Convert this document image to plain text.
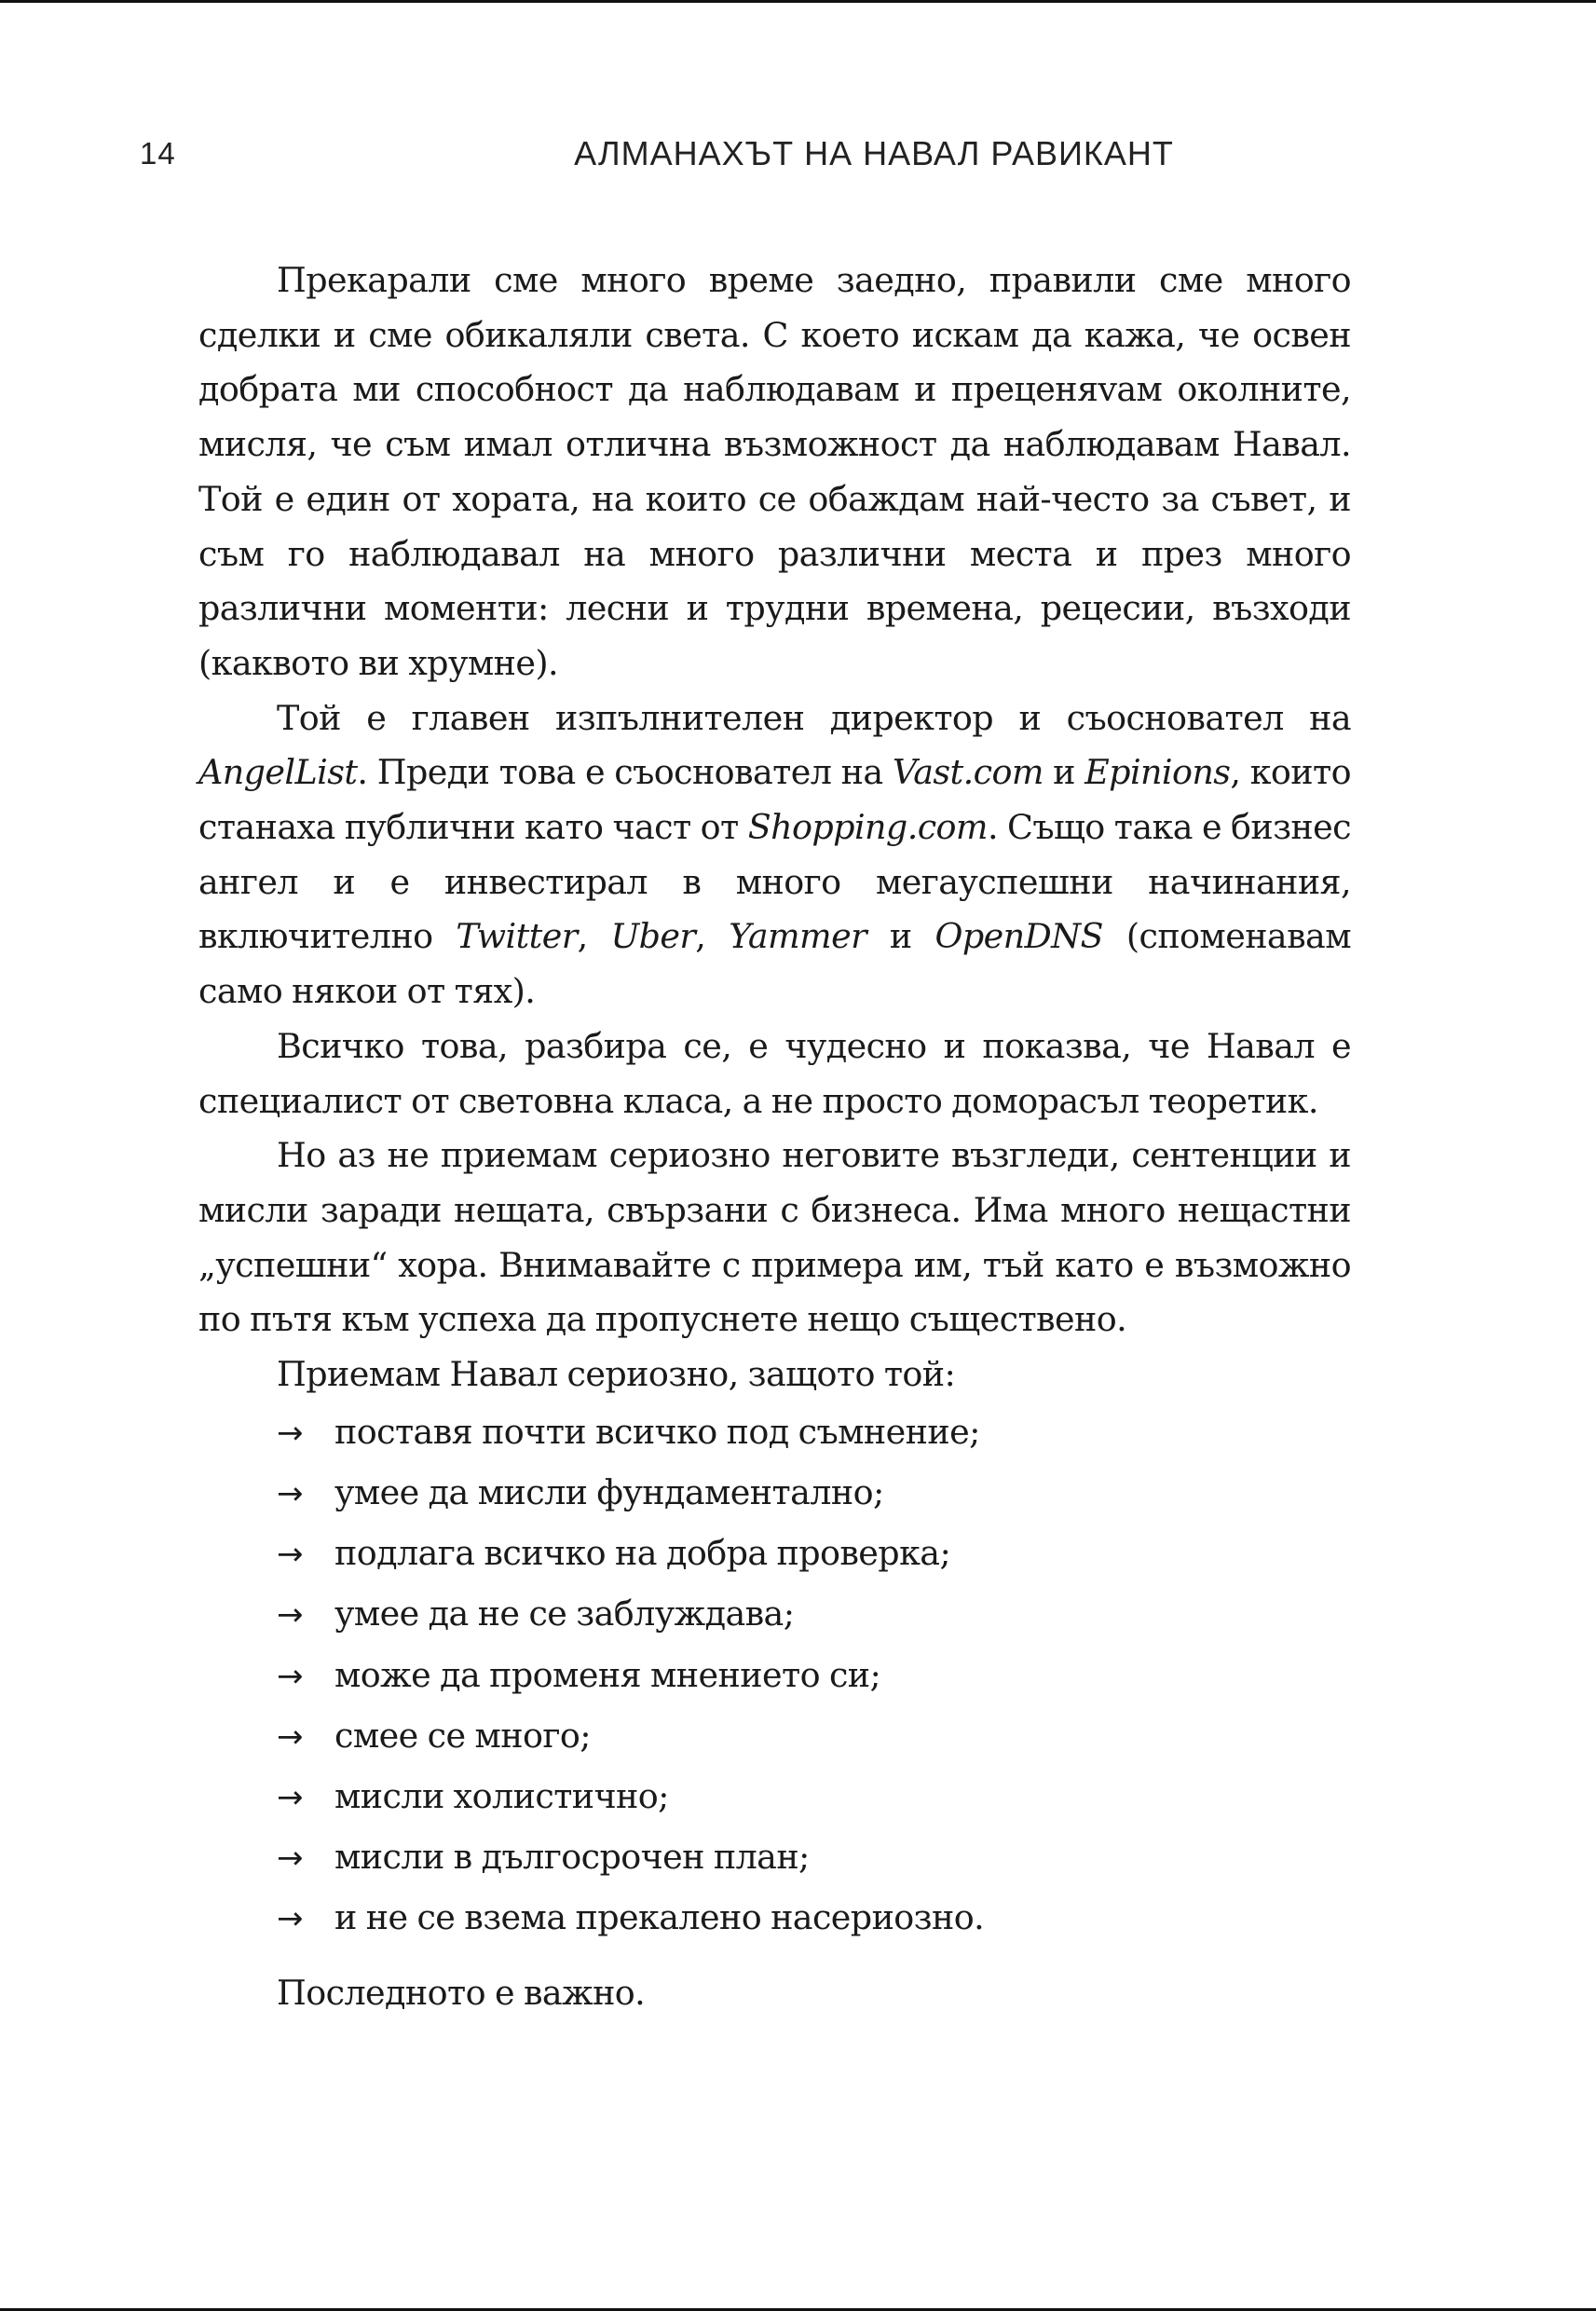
14	АЛМАНАХЪТ НА НАВАЛ РАВИКАНТ

Прекарали сме много време заедно, правили сме много сделки и сме обикаляли света. С което искам да кажа, че освен добрата ми способност да наблюдавам и преценяvам околните, мисля, че съм имал отлична възможност да наблюдавам Навал. Той е един от хората, на които се обаждам най-често за съвет, и съм го наблюдавал на много различни места и през много различни моменти: лесни и трудни времена, рецесии, възходи (каквото ви хрумне).

Той е главен изпълнителен директор и съосновател на AngelList. Преди това е съосновател на Vast.com и Epinions, които станаха публични като част от Shopping.com. Също така е бизнес ангел и е инвестирал в много мегауспешни начинания, включително Twitter, Uber, Yammer и OpenDNS (споменавам само някои от тях).

Всичко това, разбира се, е чудесно и показва, че Навал е специалист от световна класа, а не просто доморасъл теоретик.

Но аз не приемам сериозно неговите възгледи, сентенции и мисли заради нещата, свързани с бизнеса. Има много нещастни „успешни“ хора. Внимавайте с примера им, тъй като е възможно по пътя към успеха да пропуснете нещо съществено.

Приемам Навал сериозно, защото той:

→ поставя почти всичко под съмнение;
→ умее да мисли фундаментално;
→ подлага всичко на добра проверка;
→ умее да не се заблуждава;
→ може да променя мнението си;
→ смее се много;
→ мисли холистично;
→ мисли в дългосрочен план;
→ и не се взема прекалено насериозно.

Последното е важно.
